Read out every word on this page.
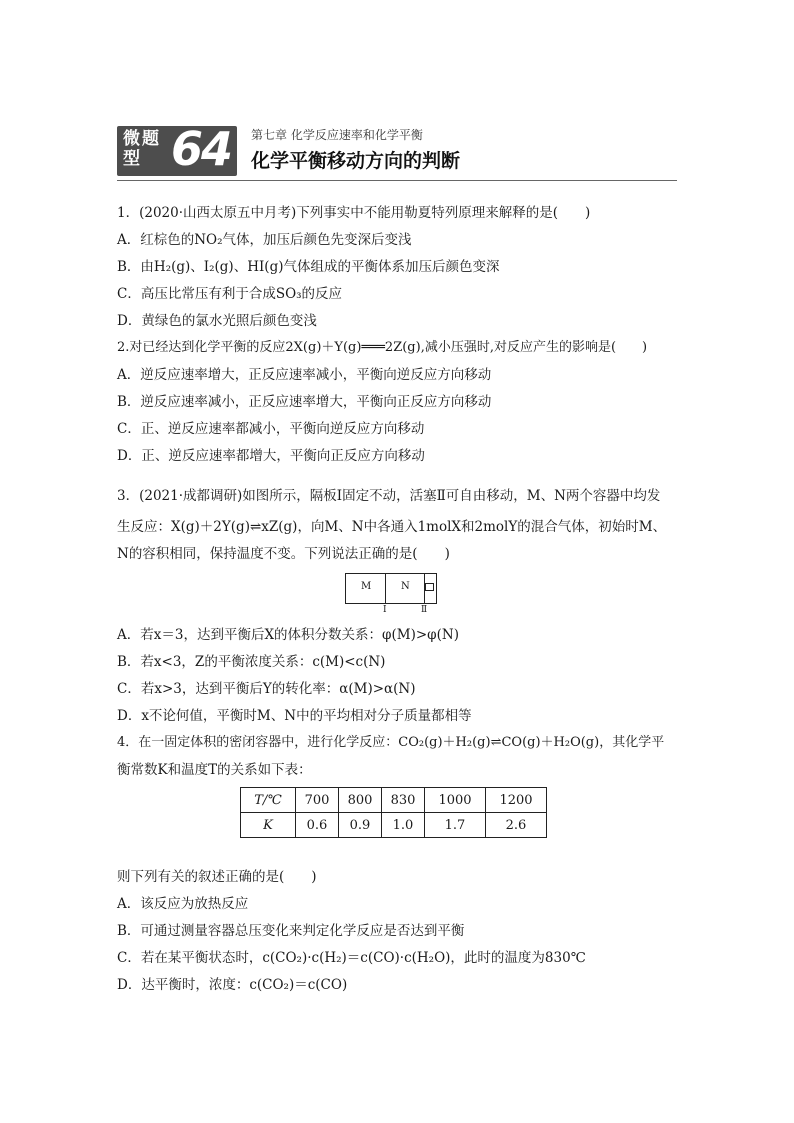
微题型 64 第七章 化学反应速率和化学平衡
化学平衡移动方向的判断
1．(2020·山西太原五中月考)下列事实中不能用勒夏特列原理来解释的是(　　)
A．红棕色的NO₂气体，加压后颜色先变深后变浅
B．由H₂(g)、I₂(g)、HI(g)气体组成的平衡体系加压后颜色变深
C．高压比常压有利于合成SO₃的反应
D．黄绿色的氯水光照后颜色变浅
2.对已经达到化学平衡的反应2X(g)＋Y(g)═══2Z(g),减小压强时,对反应产生的影响是(　　)
A．逆反应速率增大，正反应速率减小，平衡向逆反应方向移动
B．逆反应速率减小，正反应速率增大，平衡向正反应方向移动
C．正、逆反应速率都减小，平衡向逆反应方向移动
D．正、逆反应速率都增大，平衡向正反应方向移动
3．(2021·成都调研)如图所示，隔板Ⅰ固定不动，活塞Ⅱ可自由移动，M、N两个容器中均发
生反应：X(g)＋2Y(g)⇌xZ(g)，向M、N中各通入1molX和2molY的混合气体，初始时M、
N的容积相同，保持温度不变。下列说法正确的是(　　)
M	N
Ⅰ	Ⅱ
A．若x＝3，达到平衡后X的体积分数关系：φ(M)>φ(N)
B．若x<3，Z的平衡浓度关系：c(M)<c(N)
C．若x>3，达到平衡后Y的转化率：α(M)>α(N)
D．x不论何值，平衡时M、N中的平均相对分子质量都相等
4．在一固定体积的密闭容器中，进行化学反应：CO₂(g)＋H₂(g)⇌CO(g)＋H₂O(g)，其化学平
衡常数K和温度T的关系如下表：
T/℃	700	800	830	1000	1200
K	0.6	0.9	1.0	1.7	2.6
则下列有关的叙述正确的是(　　)
A．该反应为放热反应
B．可通过测量容器总压变化来判定化学反应是否达到平衡
C．若在某平衡状态时，c(CO₂)·c(H₂)＝c(CO)·c(H₂O)，此时的温度为830℃
D．达平衡时，浓度：c(CO₂)＝c(CO)
